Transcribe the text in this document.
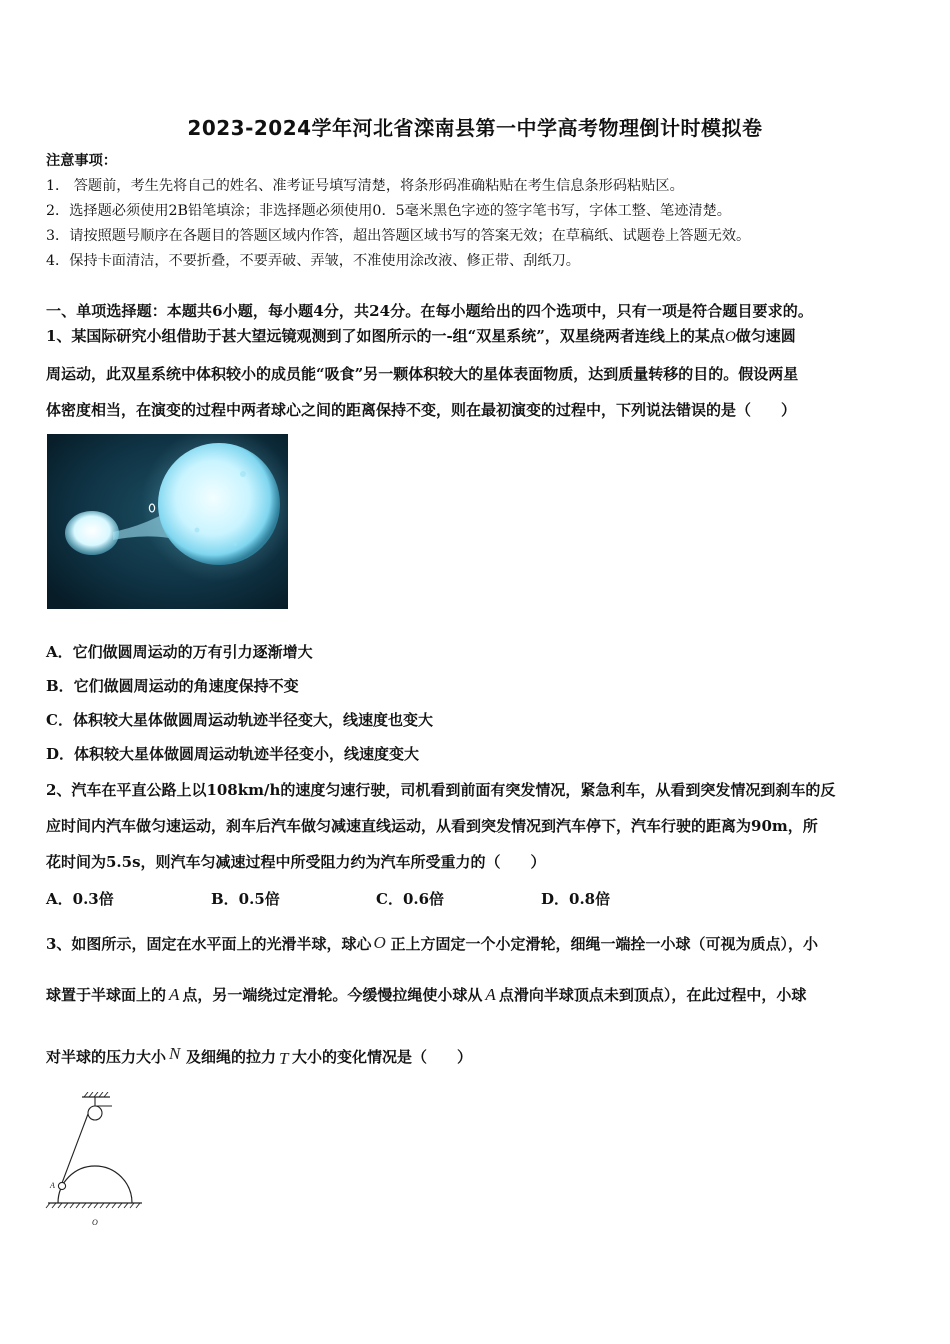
2023-2024学年河北省滦南县第一中学高考物理倒计时模拟卷
注意事项：
1． 答题前，考生先将自己的姓名、准考证号填写清楚，将条形码准确粘贴在考生信息条形码粘贴区。
2．选择题必须使用2B铅笔填涂；非选择题必须使用0．5毫米黑色字迹的签字笔书写，字体工整、笔迹清楚。
3．请按照题号顺序在各题目的答题区域内作答，超出答题区域书写的答案无效；在草稿纸、试题卷上答题无效。
4．保持卡面清洁，不要折叠，不要弄破、弄皱，不准使用涂改液、修正带、刮纸刀。
一、单项选择题：本题共6小题，每小题4分，共24分。在每小题给出的四个选项中，只有一项是符合题目要求的。
1、某国际研究小组借助于甚大望远镜观测到了如图所示的一-组“双星系统”，双星绕两者连线上的某点O做匀速圆
周运动，此双星系统中体积较小的成员能“吸食”另一颗体积较大的星体表面物质，达到质量转移的目的。假设两星
体密度相当，在演变的过程中两者球心之间的距离保持不变，则在最初演变的过程中，下列说法错误的是（　　）
A．它们做圆周运动的万有引力逐渐增大
B．它们做圆周运动的角速度保持不变
C．体积较大星体做圆周运动轨迹半径变大，线速度也变大
D．体积较大星体做圆周运动轨迹半径变小，线速度变大
2、汽车在平直公路上以108km/h的速度匀速行驶，司机看到前面有突发情况，紧急利车，从看到突发情况到刹车的反
应时间内汽车做匀速运动，刹车后汽车做匀减速直线运动，从看到突发情况到汽车停下，汽车行驶的距离为90m，所
花时间为5.5s，则汽车匀减速过程中所受阻力约为汽车所受重力的（　　）
A．0.3倍	B．0.5倍	C．0.6倍	D．0.8倍
3、如图所示，固定在水平面上的光滑半球，球心 O 正上方固定一个小定滑轮，细绳一端拴一小球（可视为质点），小
球置于半球面上的 A 点，另一端绕过定滑轮。今缓慢拉绳使小球从 A 点滑向半球顶点未到顶点），在此过程中，小球
对半球的压力大小 N 及细绳的拉力 T 大小的变化情况是（　　）
A
O
